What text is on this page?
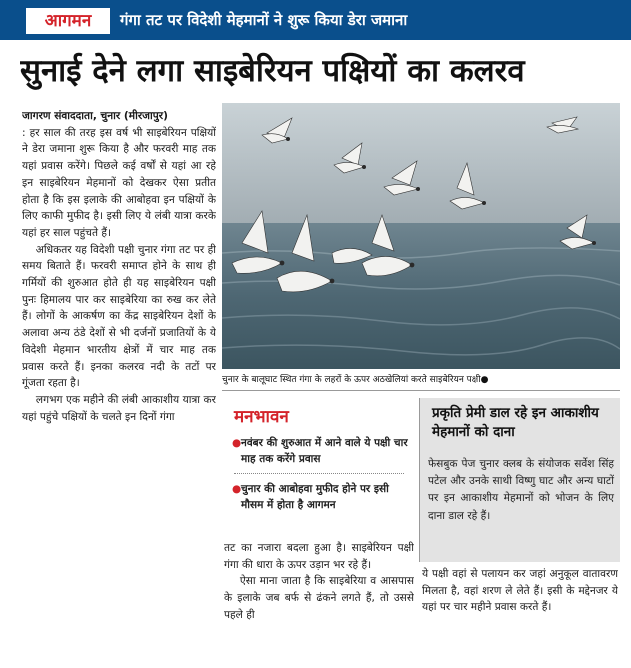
आगमन	गंगा तट पर विदेशी मेहमानों ने शुरू किया डेरा जमाना
सुनाई देने लगा साइबेरियन पक्षियों का कलरव

जागरण संवाददाता, चुनार (मीरजापुर)

: हर साल की तरह इस वर्ष भी साइबेरियन पक्षियों ने डेरा जमाना शुरू किया है और फरवरी माह तक यहां प्रवास करेंगे। पिछले कई वर्षों से यहां आ रहे इन साइबेरियन मेहमानों को देखकर ऐसा प्रतीत होता है कि इस इलाके की आबोहवा इन पक्षियों के लिए काफी मुफीद है। इसी लिए ये लंबी यात्रा करके यहां हर साल पहुंचते हैं।

अधिकतर यह विदेशी पक्षी चुनार गंगा तट पर ही समय बिताते हैं। फरवरी समाप्त होने के साथ ही गर्मियों की शुरुआत होते ही यह साइबेरियन पक्षी पुनः हिमालय पार कर साइबेरिया का रुख कर लेते हैं। लोगों के आकर्षण का केंद्र साइबेरियन देशों के अलावा अन्य ठंडे देशों से भी दर्जनों प्रजातियों के ये विदेशी मेहमान भारतीय क्षेत्रों में चार माह तक प्रवास करते हैं। इनका कलरव नदी के तटों पर गूंजता रहता है।

लगभग एक महीने की लंबी आकाशीय यात्रा कर यहां पहुंचे पक्षियों के चलते इन दिनों गंगा

चुनार के बालूघाट स्थित गंगा के लहरों के ऊपर अठखेलियां करते साइबेरियन पक्षी●
मनभावन
● नवंबर की शुरुआत में आने वाले ये पक्षी चार माह तक करेंगे प्रवास
● चुनार की आबोहवा मुफीद होने पर इसी मौसम में होता है आगमन

तट का नजारा बदला हुआ है। साइबेरियन पक्षी गंगा की धारा के ऊपर उड़ान भर रहे हैं।

ऐसा माना जाता है कि साइबेरिया व आसपास के इलाके जब बर्फ से ढंकने लगते हैं, तो उससे पहले ही

प्रकृति प्रेमी डाल रहे इन आकाशीय मेहमानों को दाना
फेसबुक पेज चुनार क्लब के संयोजक सर्वेश सिंह पटेल और उनके साथी विष्णु घाट और अन्य घाटों पर इन आकाशीय मेहमानों को भोजन के लिए दाना डाल रहे हैं।

ये पक्षी वहां से पलायन कर जहां अनुकूल वातावरण मिलता है, वहां शरण ले लेते हैं। इसी के मद्देनजर ये यहां पर चार महीने प्रवास करते हैं।
